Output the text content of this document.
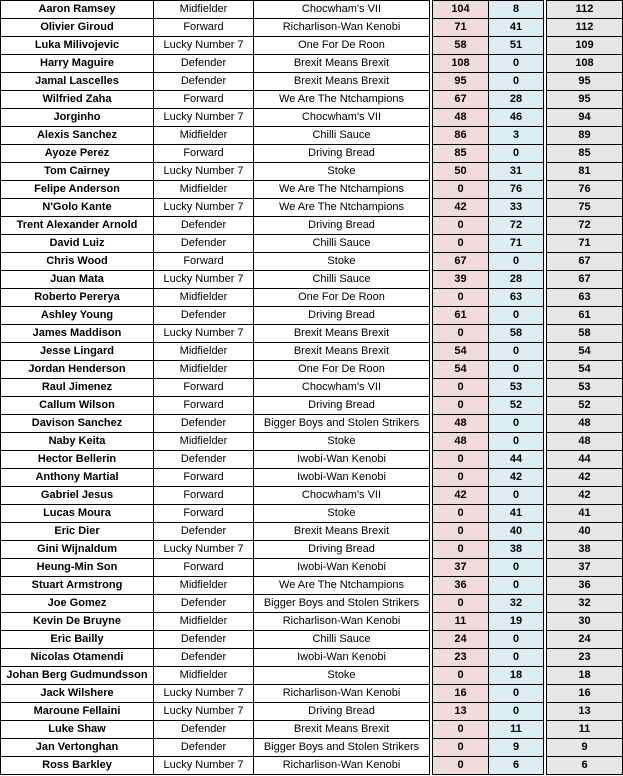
Aaron Ramsey	Midfielder	Chocwham's VII		104	8		112
Olivier Giroud	Forward	Richarlison-Wan Kenobi		71	41		112
Luka Milivojevic	Lucky Number 7	One For De Roon		58	51		109
Harry Maguire	Defender	Brexit Means Brexit		108	0		108
Jamal Lascelles	Defender	Brexit Means Brexit		95	0		95
Wilfried Zaha	Forward	We Are The Ntchampions		67	28		95
Jorginho	Lucky Number 7	Chocwham's VII		48	46		94
Alexis Sanchez	Midfielder	Chilli Sauce		86	3		89
Ayoze Perez	Forward	Driving Bread		85	0		85
Tom Cairney	Lucky Number 7	Stoke		50	31		81
Felipe Anderson	Midfielder	We Are The Ntchampions		0	76		76
N'Golo Kante	Lucky Number 7	We Are The Ntchampions		42	33		75
Trent Alexander Arnold	Defender	Driving Bread		0	72		72
David Luiz	Defender	Chilli Sauce		0	71		71
Chris Wood	Forward	Stoke		67	0		67
Juan Mata	Lucky Number 7	Chilli Sauce		39	28		67
Roberto Pererya	Midfielder	One For De Roon		0	63		63
Ashley Young	Defender	Driving Bread		61	0		61
James Maddison	Lucky Number 7	Brexit Means Brexit		0	58		58
Jesse Lingard	Midfielder	Brexit Means Brexit		54	0		54
Jordan Henderson	Midfielder	One For De Roon		54	0		54
Raul Jimenez	Forward	Chocwham's VII		0	53		53
Callum Wilson	Forward	Driving Bread		0	52		52
Davison Sanchez	Defender	Bigger Boys and Stolen Strikers		48	0		48
Naby Keita	Midfielder	Stoke		48	0		48
Hector Bellerin	Defender	Iwobi-Wan Kenobi		0	44		44
Anthony Martial	Forward	Iwobi-Wan Kenobi		0	42		42
Gabriel Jesus	Forward	Chocwham's VII		42	0		42
Lucas Moura	Forward	Stoke		0	41		41
Eric Dier	Defender	Brexit Means Brexit		0	40		40
Gini Wijnaldum	Lucky Number 7	Driving Bread		0	38		38
Heung-Min Son	Forward	Iwobi-Wan Kenobi		37	0		37
Stuart Armstrong	Midfielder	We Are The Ntchampions		36	0		36
Joe Gomez	Defender	Bigger Boys and Stolen Strikers		0	32		32
Kevin De Bruyne	Midfielder	Richarlison-Wan Kenobi		11	19		30
Eric Bailly	Defender	Chilli Sauce		24	0		24
Nicolas Otamendi	Defender	Iwobi-Wan Kenobi		23	0		23
Johan Berg Gudmundsson	Midfielder	Stoke		0	18		18
Jack Wilshere	Lucky Number 7	Richarlison-Wan Kenobi		16	0		16
Maroune Fellaini	Lucky Number 7	Driving Bread		13	0		13
Luke Shaw	Defender	Brexit Means Brexit		0	11		11
Jan Vertonghan	Defender	Bigger Boys and Stolen Strikers		0	9		9
Ross Barkley	Lucky Number 7	Richarlison-Wan Kenobi		0	6		6
